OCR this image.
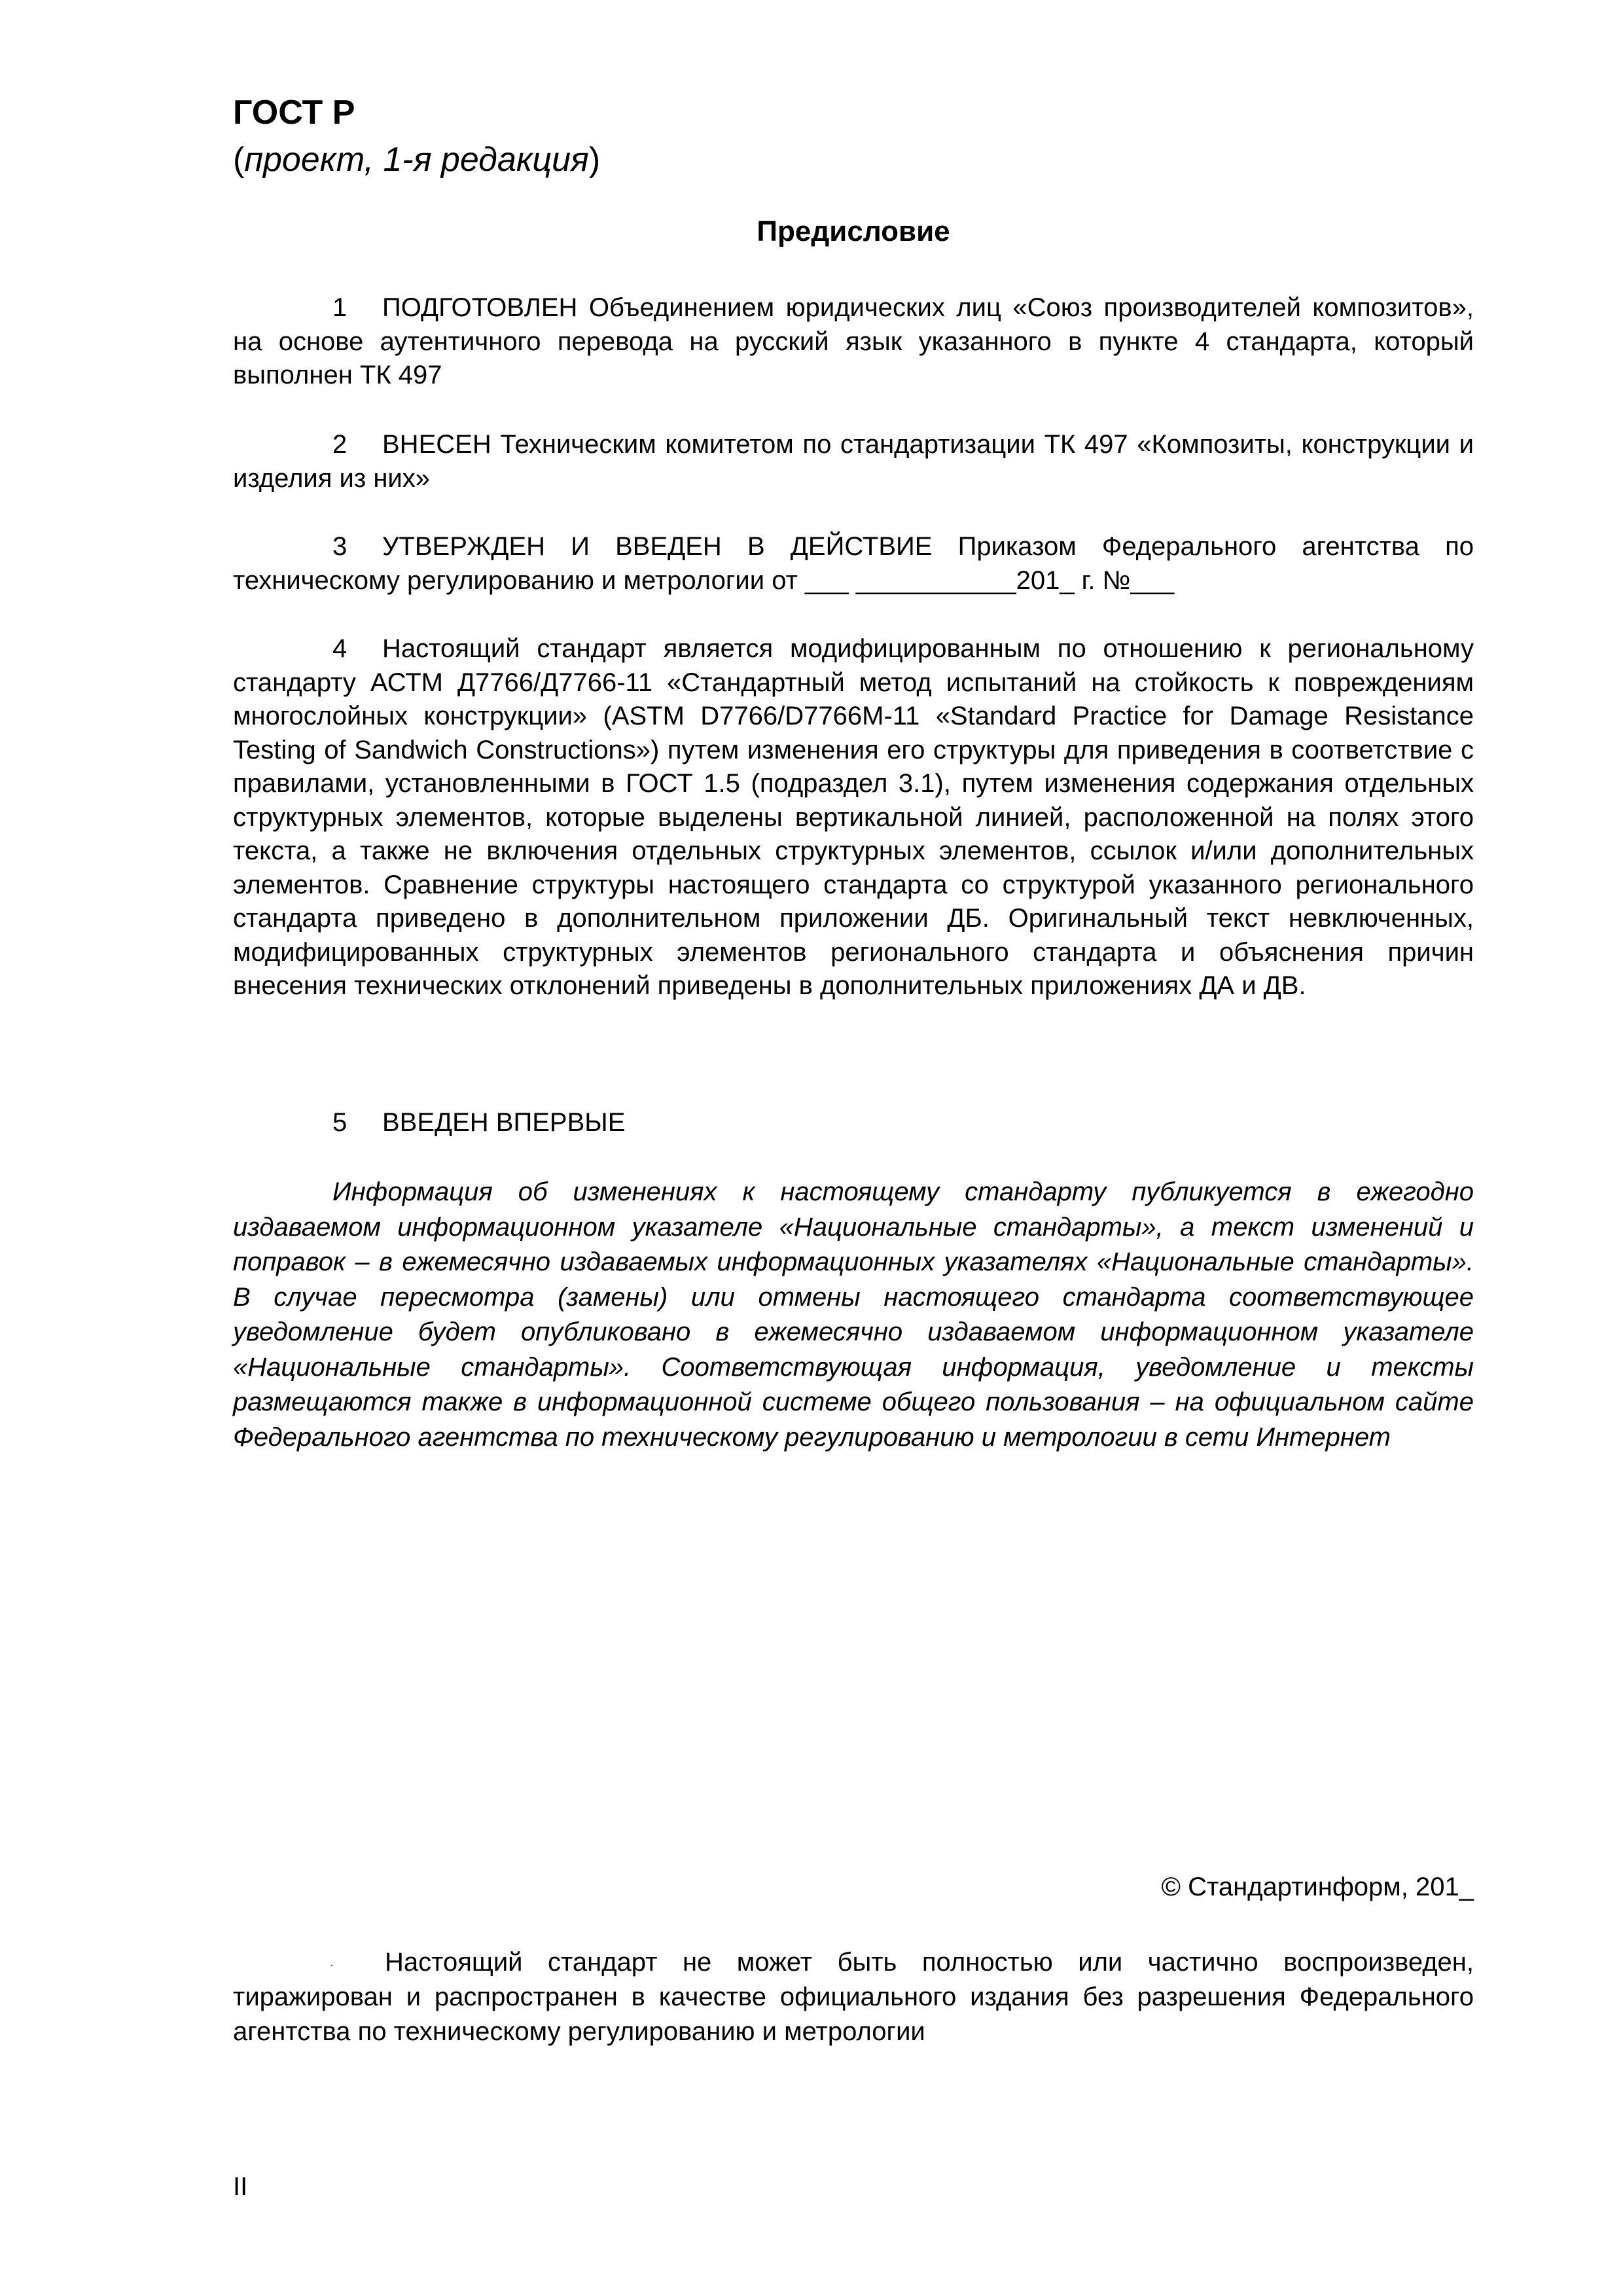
ГОСТ Р
(проект, 1-я редакция)
Предисловие

1 ПОДГОТОВЛЕН Объединением юридических лиц «Союз производителей композитов», на основе аутентичного перевода на русский язык указанного в пункте 4 стандарта, который выполнен ТК 497

2 ВНЕСЕН Техническим комитетом по стандартизации ТК 497 «Композиты, конструкции и изделия из них»

3 УТВЕРЖДЕН И ВВЕДЕН В ДЕЙСТВИЕ Приказом Федерального агентства по техническому регулированию и метрологии от ___ ___________201_ г. №___

4 Настоящий стандарт является модифицированным по отношению к региональному стандарту АСТМ Д7766/Д7766-11 «Стандартный метод испытаний на стойкость к повреждениям многослойных конструкции» (ASTM D7766/D7766M-11 «Standard Practice for Damage Resistance Testing of Sandwich Constructions») путем изменения его структуры для приведения в соответствие с правилами, установленными в ГОСТ 1.5 (подраздел 3.1), путем изменения содержания отдельных структурных элементов, которые выделены вертикальной линией, расположенной на полях этого текста, а также не включения отдельных структурных элементов, ссылок и/или дополнительных элементов. Сравнение структуры настоящего стандарта со структурой указанного регионального стандарта приведено в дополнительном приложении ДБ. Оригинальный текст невключенных, модифицированных структурных элементов регионального стандарта и объяснения причин внесения технических отклонений приведены в дополнительных приложениях ДА и ДВ.

5 ВВЕДЕН ВПЕРВЫЕ

Информация об изменениях к настоящему стандарту публикуется в ежегодно издаваемом информационном указателе «Национальные стандарты», а текст изменений и поправок – в ежемесячно издаваемых информационных указателях «Национальные стандарты». В случае пересмотра (замены) или отмены настоящего стандарта соответствующее уведомление будет опубликовано в ежемесячно издаваемом информационном указателе «Национальные стандарты». Соответствующая информация, уведомление и тексты размещаются также в информационной системе общего пользования – на официальном сайте Федерального агентства по техническому регулированию и метрологии в сети Интернет

© Стандартинформ, 201_
.	Настоящий стандарт не может быть полностью или частично воспроизведен, тиражирован и распространен в качестве официального издания без разрешения Федерального агентства по техническому регулированию и метрологии

II
